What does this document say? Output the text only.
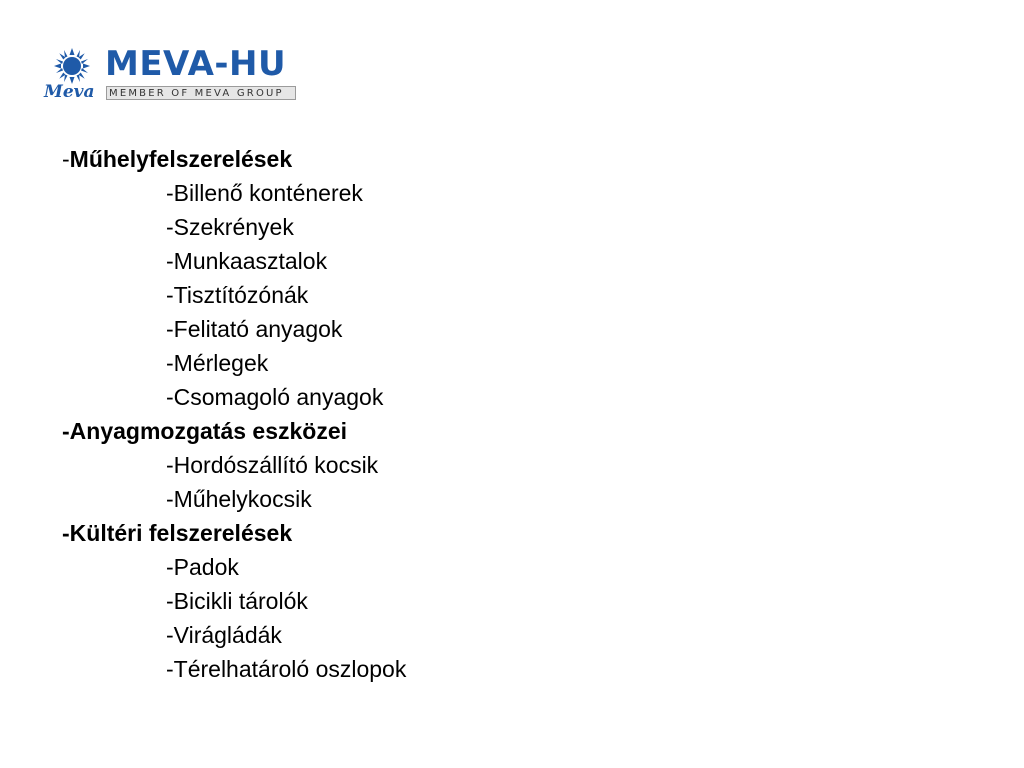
MEVA-HU
MEMBER OF MEVA GROUP
Meva
-Műhelyfelszerelések
-Billenő konténerek
-Szekrények
-Munkaasztalok
-Tisztítózónák
-Felitató anyagok
-Mérlegek
-Csomagoló anyagok
-Anyagmozgatás eszközei
-Hordószállító kocsik
-Műhelykocsik
-Kültéri felszerelések
-Padok
-Bicikli tárolók
-Virágládák
-Térelhatároló oszlopok
